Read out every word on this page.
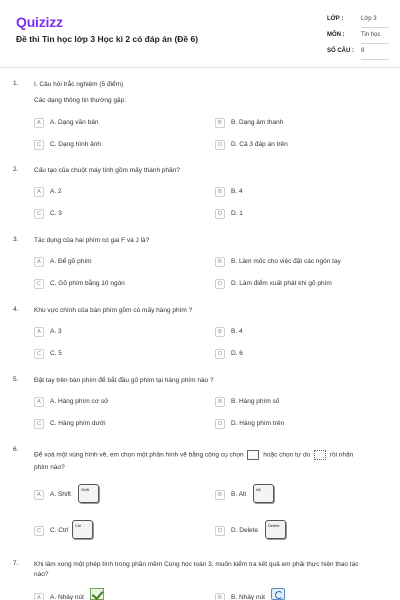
Quizizz
Đề thi Tin học lớp 3 Học kì 2 có đáp án (Đề 6)
LỚP :	Lớp 3
MÔN :	Tin học
SỐ CÂU : 8
1. I. Câu hỏi trắc nghiệm (5 điểm)
Các dạng thông tin thường gặp:
A	A. Dạng văn bản	B	B. Dạng âm thanh
C	C. Dạng hình ảnh	D	D. Cả 3 đáp án trên
2. Cấu tạo của chuột máy tính gồm mấy thành phần?
A	A. 2	B	B. 4
C	C. 3	D	D. 1
3. Tác dụng của hai phím có gai F và J là?
A	A. Để gõ phím	B	B. Làm mốc cho việc đặt các ngón tay
C	C. Gõ phím bằng 10 ngón	D	D. Làm điểm xuất phát khi gõ phím
4. Khu vực chính của bàn phím gồm có mấy hàng phím ?
A	A. 3	B	B. 4
C	C. 5	D	D. 6
5. Đặt tay trên bàn phím để bắt đầu gõ phím tại hàng phím nào ?
A	A. Hàng phím cơ sở	B	B. Hàng phím số
C	C. Hàng phím dưới	D	D. Hàng phím trên
6.
Để xoá một vùng hình vẽ, em chọn một phần hình vẽ bằng công cụ chọn	hoặc chọn tự do	rồi nhấn
phím nào?
A	A. Shift
Shift
B	B. Alt
Alt
C	C. Ctrl
Ctrl
D	D. Delete
Delete
7. Khi làm xong một phép tính trong phần mềm Cùng học toán 3, muốn kiểm tra kết quả em phải thực hiện thao tác
nào?
A	A. Nháy nút	B	B. Nháy nút
